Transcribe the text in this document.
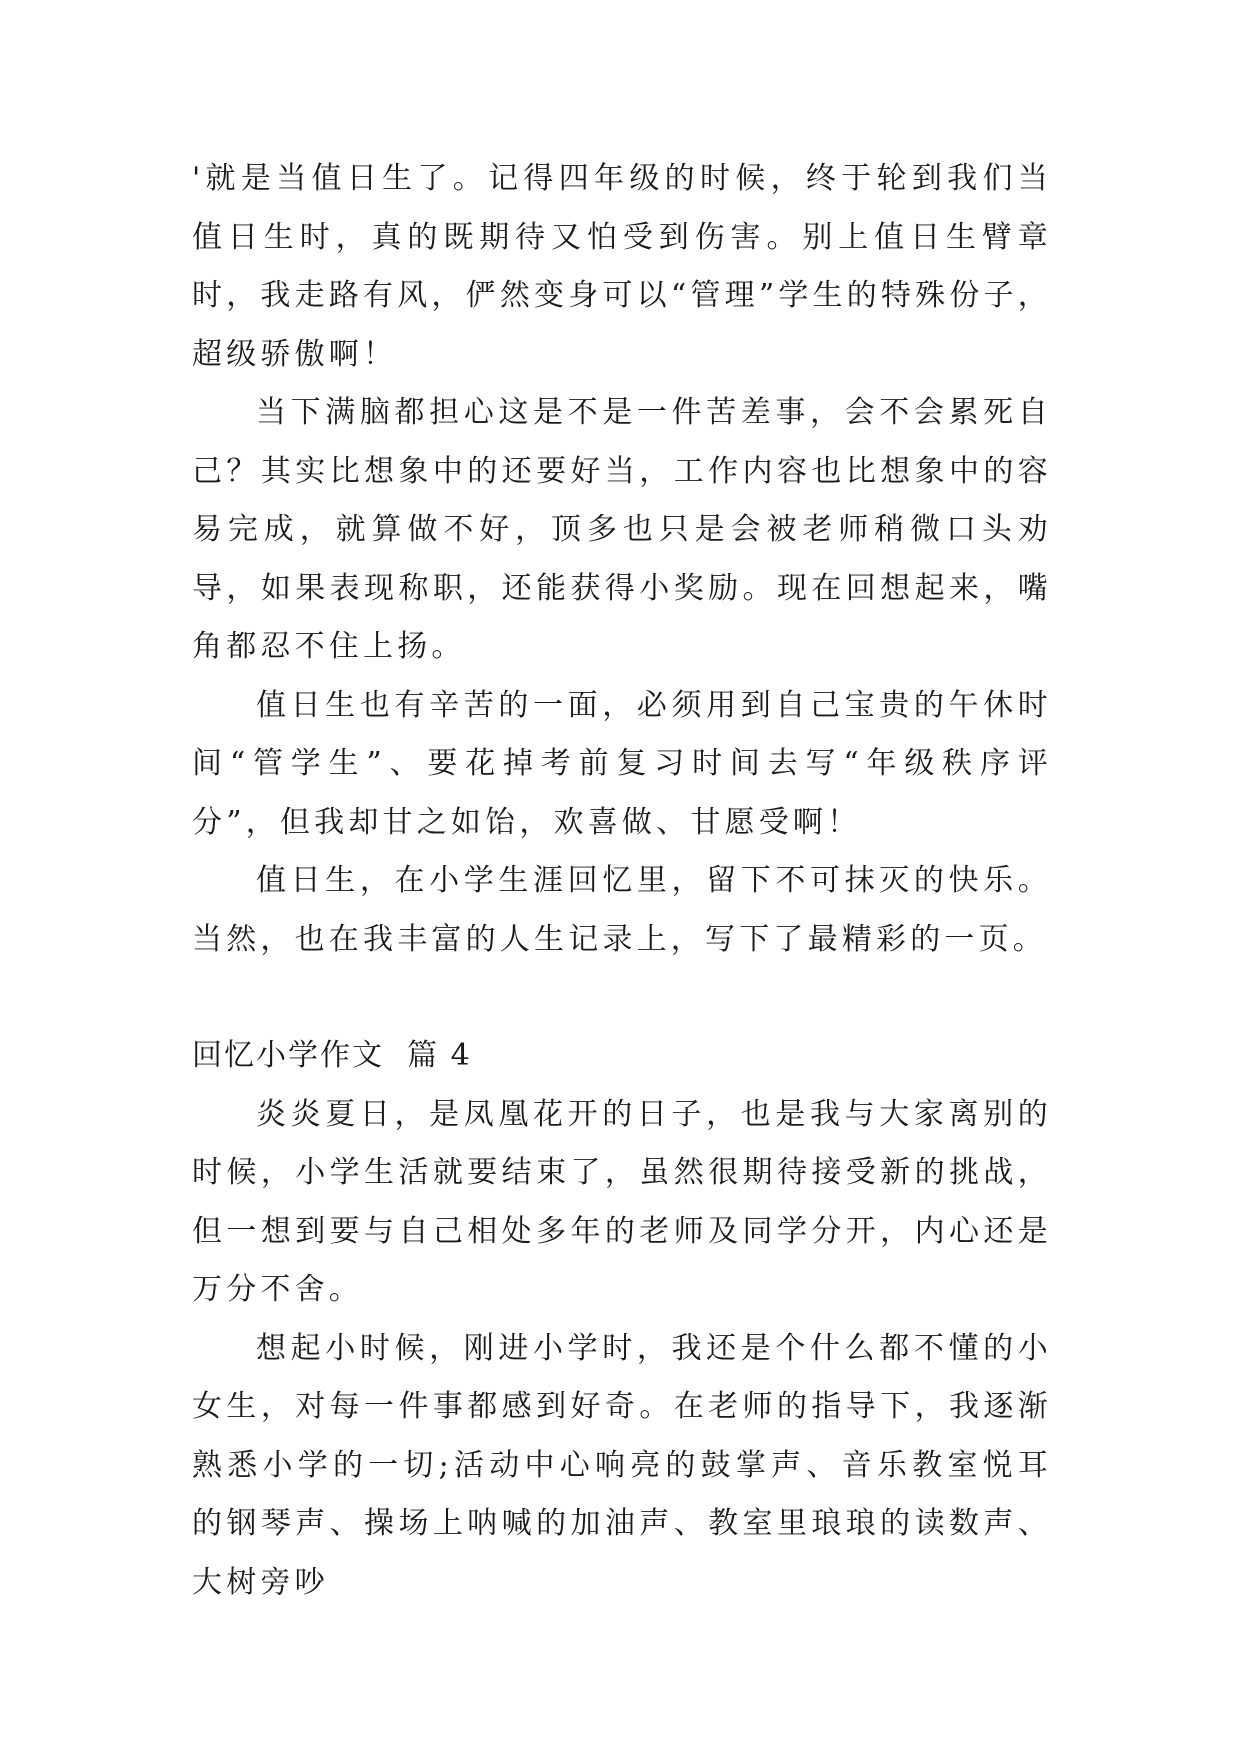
'就是当值日生了。记得四年级的时候，终于轮到我们当值日生时，真的既期待又怕受到伤害。别上值日生臂章时，我走路有风，俨然变身可以“管理”学生的特殊份子，超级骄傲啊！

当下满脑都担心这是不是一件苦差事，会不会累死自己？其实比想象中的还要好当，工作内容也比想象中的容易完成，就算做不好，顶多也只是会被老师稍微口头劝导，如果表现称职，还能获得小奖励。现在回想起来，嘴角都忍不住上扬。

值日生也有辛苦的一面，必须用到自己宝贵的午休时间“管学生”、要花掉考前复习时间去写“年级秩序评分”，但我却甘之如饴，欢喜做、甘愿受啊！

值日生，在小学生涯回忆里，留下不可抹灭的快乐。当然，也在我丰富的人生记录上，写下了最精彩的一页。

回忆小学作文  篇 4

炎炎夏日，是凤凰花开的日子，也是我与大家离别的时候，小学生活就要结束了，虽然很期待接受新的挑战，但一想到要与自己相处多年的老师及同学分开，内心还是万分不舍。

想起小时候，刚进小学时，我还是个什么都不懂的小女生，对每一件事都感到好奇。在老师的指导下，我逐渐熟悉小学的一切;活动中心响亮的鼓掌声、音乐教室悦耳的钢琴声、操场上呐喊的加油声、教室里琅琅的读数声、大树旁吵
